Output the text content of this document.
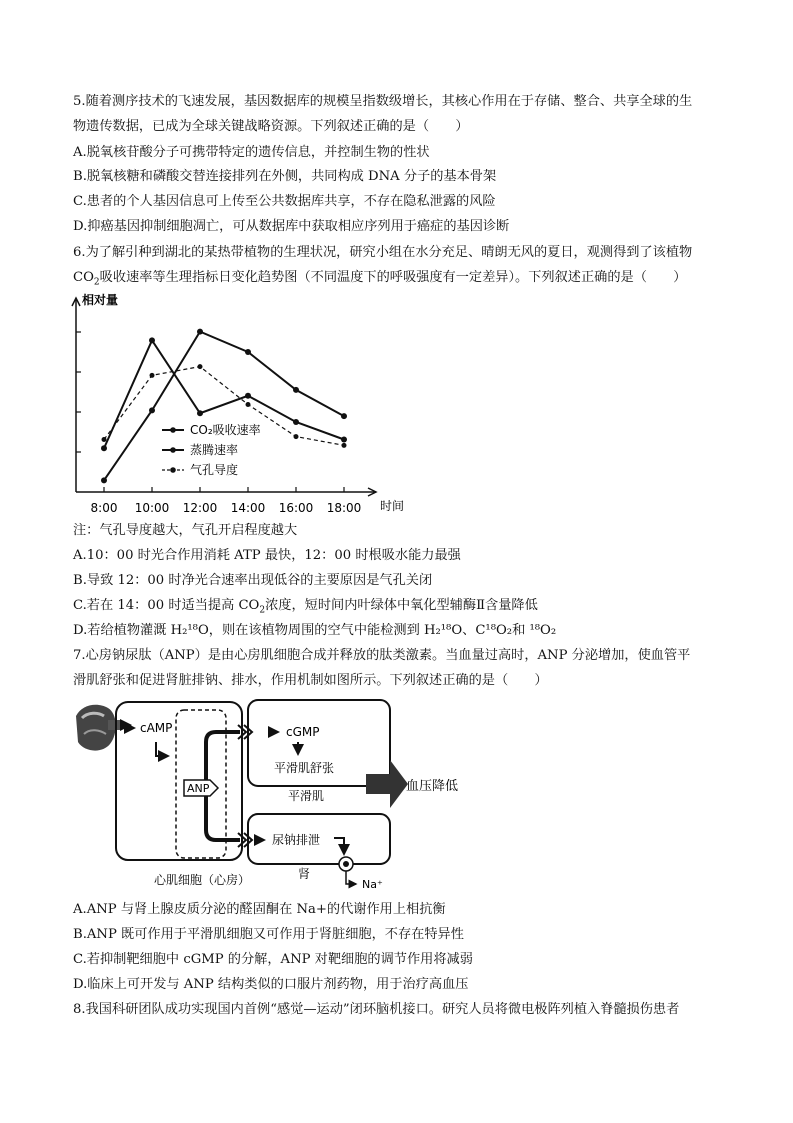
5.随着测序技术的飞速发展，基因数据库的规模呈指数级增长，其核心作用在于存储、整合、共享全球的生
物遗传数据，已成为全球关键战略资源。下列叙述正确的是（　　）
A.脱氧核苷酸分子可携带特定的遗传信息，并控制生物的性状
B.脱氧核糖和磷酸交替连接排列在外侧，共同构成 DNA 分子的基本骨架
C.患者的个人基因信息可上传至公共数据库共享，不存在隐私泄露的风险
D.抑癌基因抑制细胞凋亡，可从数据库中获取相应序列用于癌症的基因诊断
6.为了解引种到湖北的某热带植物的生理状况，研究小组在水分充足、晴朗无风的夏日，观测得到了该植物
$CO_2$吸收速率等生理指标日变化趋势图（不同温度下的呼吸强度有一定差异）。下列叙述正确的是（　　）
相对量
8:00 10:00 12:00 14:00 16:00 18:00 时间
CO₂吸收速率
蒸腾速率
气孔导度
注：气孔导度越大，气孔开启程度越大
A.10：00 时光合作用消耗 ATP 最快，12：00 时根吸水能力最强
B.导致 12：00 时净光合速率出现低谷的主要原因是气孔关闭
C.若在 14：00 时适当提高 $CO_2$浓度，短时间内叶绿体中氧化型辅酶Ⅱ含量降低
D.若给植物灌溉 H₂¹⁸O，则在该植物周围的空气中能检测到 H₂¹⁸O、C¹⁸O₂和 ¹⁸O₂
7.心房钠尿肽（ANP）是由心房肌细胞合成并释放的肽类激素。当血量过高时，ANP 分泌增加，使血管平
滑肌舒张和促进肾脏排钠、排水，作用机制如图所示。下列叙述正确的是（　　）
cAMP
ANP
心肌细胞（心房）
cGMP
平滑肌舒张
平滑肌
尿钠排泄
肾
Na⁺
血压降低
A.ANP 与肾上腺皮质分泌的醛固酮在 Na+的代谢作用上相抗衡
B.ANP 既可作用于平滑肌细胞又可作用于肾脏细胞，不存在特异性
C.若抑制靶细胞中 cGMP 的分解，ANP 对靶细胞的调节作用将减弱
D.临床上可开发与 ANP 结构类似的口服片剂药物，用于治疗高血压
8.我国科研团队成功实现国内首例“感觉—运动”闭环脑机接口。研究人员将微电极阵列植入脊髓损伤患者
